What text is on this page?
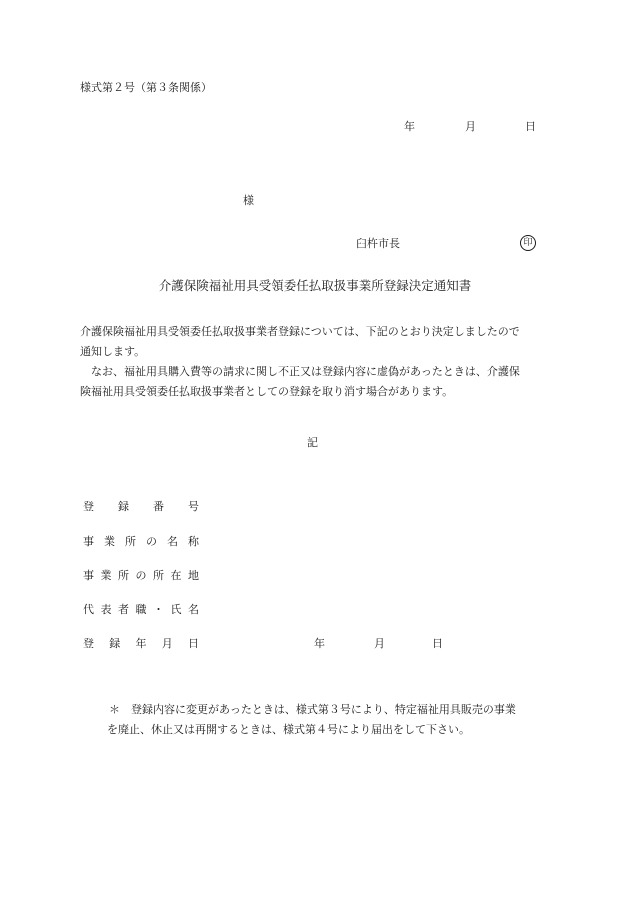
様式第２号（第３条関係）
年	月	日
様
臼杵市長	印
介護保険福祉用具受領委任払取扱事業所登録決定通知書
介護保険福祉用具受領委任払取扱事業者登録については、下記のとおり決定しましたので
通知します。
なお、福祉用具購入費等の請求に関し不正又は登録内容に虚偽があったときは、介護保
険福祉用具受領委任払取扱事業者としての登録を取り消す場合があります。
記
登 録 番 号
事 業 所 の 名 称
事 業 所 の 所 在 地
代 表 者 職 ・ 氏 名
登 録 年 月 日	年	月	日
＊ 登録内容に変更があったときは、様式第３号により、特定福祉用具販売の事業
を廃止、休止又は再開するときは、様式第４号により届出をして下さい。
